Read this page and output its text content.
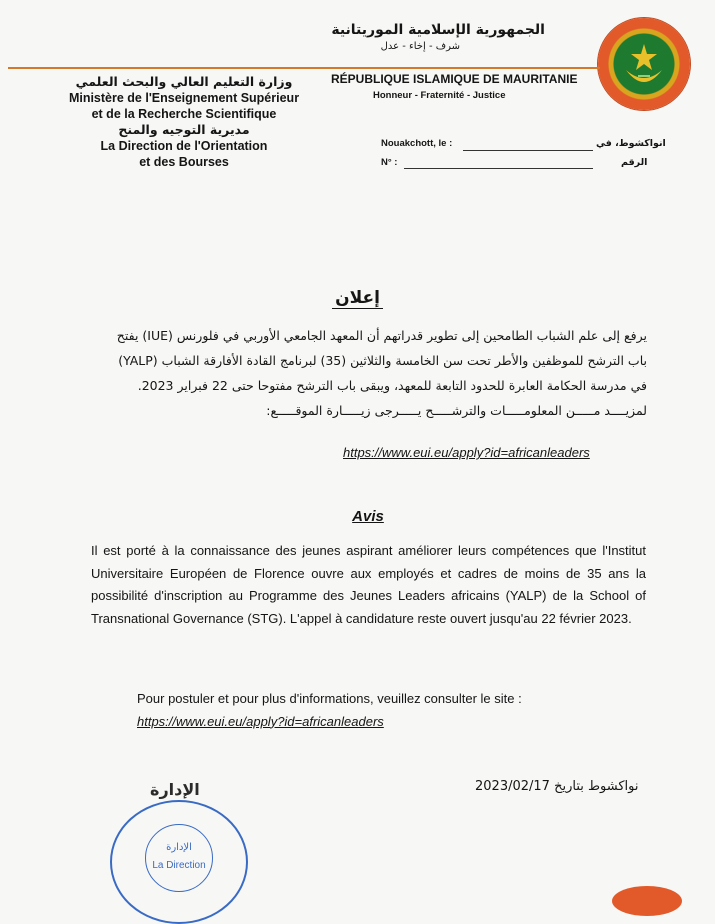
الجمهورية الإسلامية الموريتانية
شرف - إخاء - عدل
RÉPUBLIQUE ISLAMIQUE DE MAURITANIE
Honneur - Fraternité - Justice
وزارة التعليم العالي والبحث العلمي
Ministère de l'Enseignement Supérieur
et de la Recherche Scientifique
مديرية التوجيه والمنح
La Direction de l'Orientation
et des Bourses
Nouakchott, le :	انواكشوط، في
N° :	الرقم
إعلان

يرفع إلى علم الشباب الطامحين إلى تطوير قدراتهم أن المعهد الجامعي الأوربي في فلورنس (IUE) يفتح

باب الترشح للموظفين والأطر تحت سن الخامسة والثلاثين (35) لبرنامج القادة الأفارقة الشباب (YALP)

في مدرسة الحكامة العابرة للحدود التابعة للمعهد، ويبقى باب الترشح مفتوحا حتى 22 فبراير 2023.

لمزيــــد مـــــن المعلومـــــات والترشـــــح يـــــرجى زيـــــارة الموقـــــع:

https://www.eui.eu/apply?id=africanleaders
Avis
Il est porté à la connaissance des jeunes aspirant améliorer leurs compétences que l'Institut Universitaire Européen de Florence ouvre aux employés et cadres de moins de 35 ans la possibilité d'inscription au Programme des Jeunes Leaders africains (YALP) de la School of Transnational Governance (STG). L'appel à candidature reste ouvert jusqu'au 22 février 2023.
Pour postuler et pour plus d'informations, veuillez consulter le site :
https://www.eui.eu/apply?id=africanleaders
نواكشوط بتاريخ 2023/02/17
الإدارة
La Direction
الإدارة
